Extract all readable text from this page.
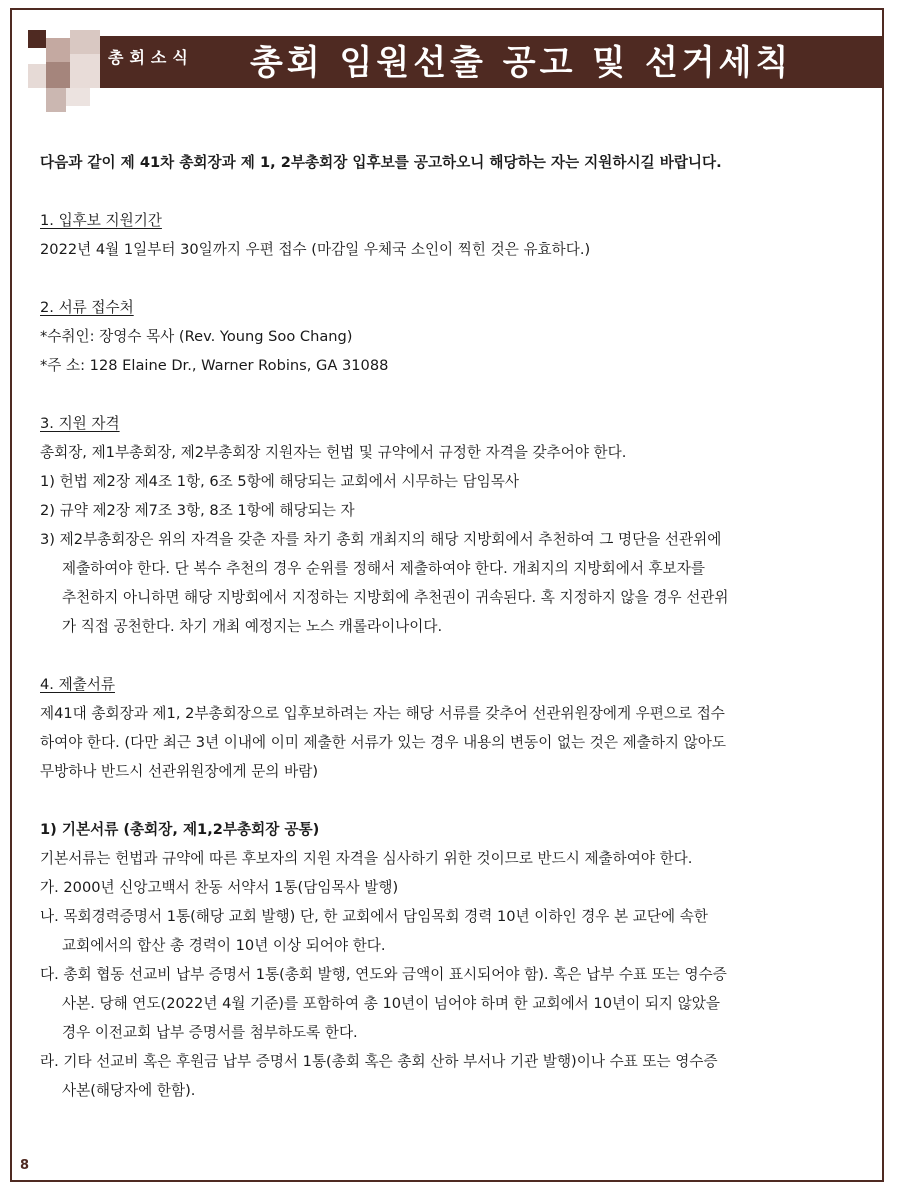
총회소식 총회 임원선출 공고 및 선거세칙
다음과 같이 제 41차 총회장과 제 1, 2부총회장 입후보를 공고하오니 해당하는 자는 지원하시길 바랍니다.
1. 입후보 지원기간
2022년 4월 1일부터 30일까지 우편 접수 (마감일 우체국 소인이 찍힌 것은 유효하다.)
2. 서류 접수처
*수취인: 장영수 목사 (Rev. Young Soo Chang)
*주 소: 128 Elaine Dr., Warner Robins, GA 31088
3. 지원 자격
총회장, 제1부총회장, 제2부총회장 지원자는 헌법 및 규약에서 규정한 자격을 갖추어야 한다.
1) 헌법 제2장 제4조 1항, 6조 5항에 해당되는 교회에서 시무하는 담임목사
2) 규약 제2장 제7조 3항, 8조 1항에 해당되는 자
3) 제2부총회장은 위의 자격을 갖춘 자를 차기 총회 개최지의 해당 지방회에서 추천하여 그 명단을 선관위에
제출하여야 한다. 단 복수 추천의 경우 순위를 정해서 제출하여야 한다. 개최지의 지방회에서 후보자를
추천하지 아니하면 해당 지방회에서 지정하는 지방회에 추천권이 귀속된다. 혹 지정하지 않을 경우 선관위
가 직접 공천한다. 차기 개최 예정지는 노스 캐롤라이나이다.
4. 제출서류
제41대 총회장과 제1, 2부총회장으로 입후보하려는 자는 해당 서류를 갖추어 선관위원장에게 우편으로 접수
하여야 한다. (다만 최근 3년 이내에 이미 제출한 서류가 있는 경우 내용의 변동이 없는 것은 제출하지 않아도
무방하나 반드시 선관위원장에게 문의 바람)
1) 기본서류 (총회장, 제1,2부총회장 공통)
기본서류는 헌법과 규약에 따른 후보자의 지원 자격을 심사하기 위한 것이므로 반드시 제출하여야 한다.
가. 2000년 신앙고백서 찬동 서약서 1통(담임목사 발행)
나. 목회경력증명서 1통(해당 교회 발행) 단, 한 교회에서 담임목회 경력 10년 이하인 경우 본 교단에 속한
교회에서의 합산 총 경력이 10년 이상 되어야 한다.
다. 총회 협동 선교비 납부 증명서 1통(총회 발행, 연도와 금액이 표시되어야 함). 혹은 납부 수표 또는 영수증
사본. 당해 연도(2022년 4월 기준)를 포함하여 총 10년이 넘어야 하며 한 교회에서 10년이 되지 않았을
경우 이전교회 납부 증명서를 첨부하도록 한다.
라. 기타 선교비 혹은 후원금 납부 증명서 1통(총회 혹은 총회 산하 부서나 기관 발행)이나 수표 또는 영수증
사본(해당자에 한함).
8
